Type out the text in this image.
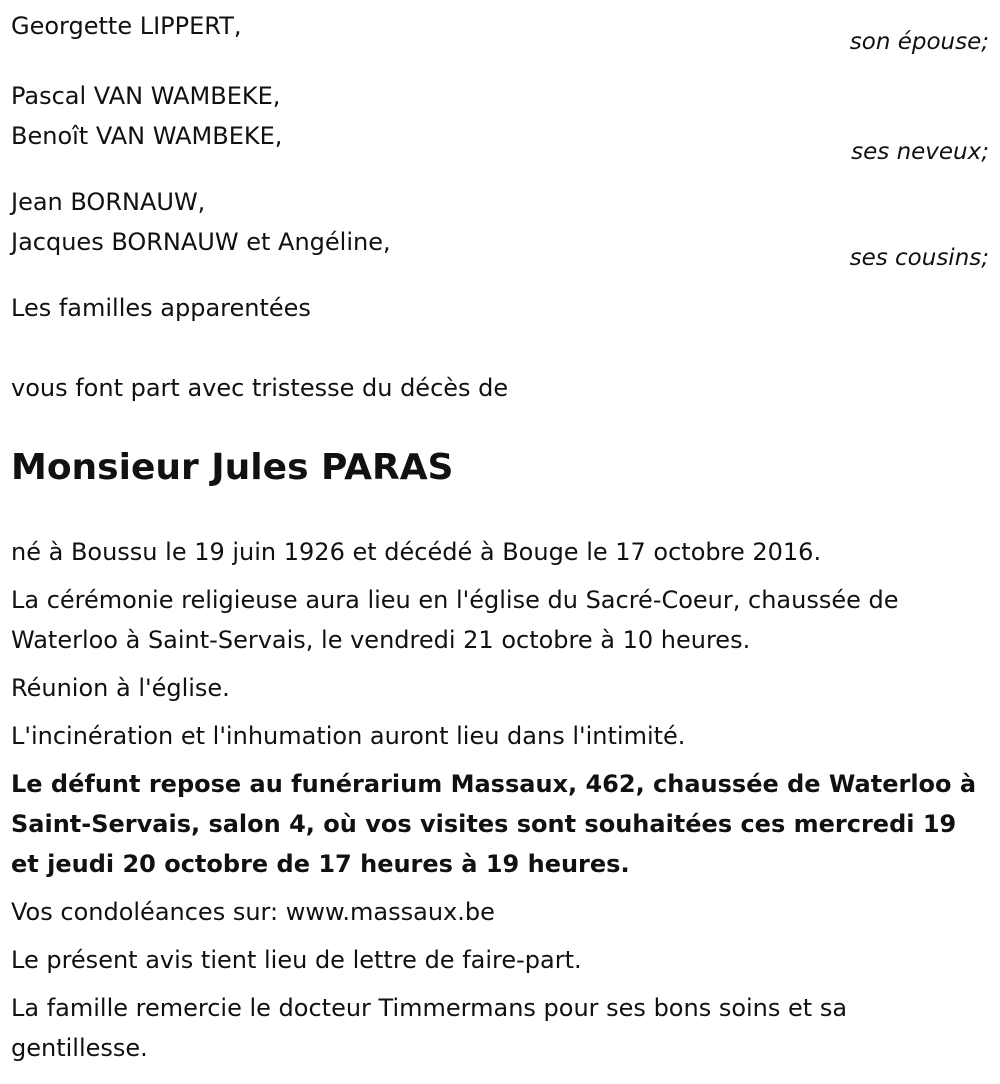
Georgette LIPPERT,
son épouse;
Pascal VAN WAMBEKE,
Benoît VAN WAMBEKE,
ses neveux;
Jean BORNAUW,
Jacques BORNAUW et Angéline,
ses cousins;
Les familles apparentées
vous font part avec tristesse du décès de
Monsieur Jules PARAS

né à Boussu le 19 juin 1926 et décédé à Bouge le 17 octobre 2016.

La cérémonie religieuse aura lieu en l'église du Sacré-Coeur, chaussée de Waterloo à Saint-Servais, le vendredi 21 octobre à 10 heures.

Réunion à l'église.

L'incinération et l'inhumation auront lieu dans l'intimité.

Le défunt repose au funérarium Massaux, 462, chaussée de Waterloo à Saint-Servais, salon 4, où vos visites sont souhaitées ces mercredi 19 et jeudi 20 octobre de 17 heures à 19 heures.

Vos condoléances sur: www.massaux.be

Le présent avis tient lieu de lettre de faire-part.

La famille remercie le docteur Timmermans pour ses bons soins et sa gentillesse.
